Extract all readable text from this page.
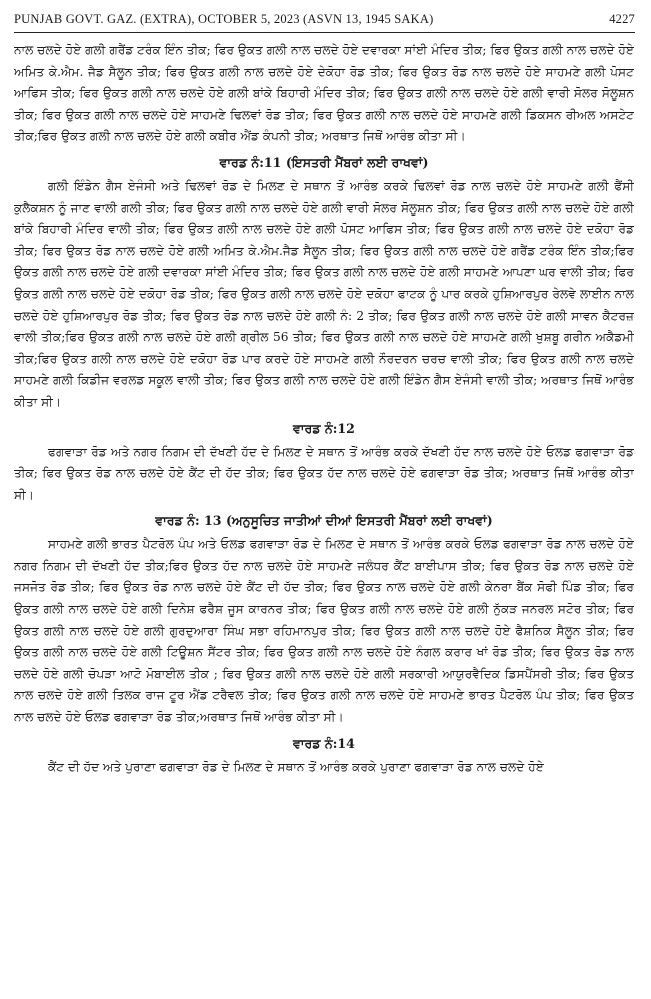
PUNJAB GOVT. GAZ. (EXTRA), OCTOBER 5, 2023 (ASVN 13, 1945 SAKA)	4227

ਨਾਲ ਚਲਦੇ ਹੋਏ ਗਲੀ ਗਰੈਂਡ ਟਰੰਕ ਇੰਨ ਤੀਕ; ਫਿਰ ਉਕਤ ਗਲੀ ਨਾਲ ਚਲਦੇ ਹੋਏ ਦਵਾਰਕਾ ਸਾਂਈ ਮੰਦਿਰ ਤੀਕ; ਫਿਰ ਉਕਤ ਗਲੀ ਨਾਲ ਚਲਦੇ ਹੋਏ ਅਮਿਤ ਕੇ.ਐਮ. ਜੈਡ ਸੈਲੂਨ ਤੀਕ; ਫਿਰ ਉਕਤ ਗਲੀ ਨਾਲ ਚਲਦੇ ਹੋਏ ਦੇਕੋਹਾ ਰੋਡ ਤੀਕ; ਫਿਰ ਉਕਤ ਰੋਡ ਨਾਲ ਚਲਦੇ ਹੋਏ ਸਾਹਮਣੇ ਗਲੀ ਪੋਸਟ ਆਫਿਸ ਤੀਕ; ਫਿਰ ਉਕਤ ਗਲੀ ਨਾਲ ਚਲਦੇ ਹੋਏ ਗਲੀ ਬਾਂਕੇ ਬਿਹਾਰੀ ਮੰਦਿਰ ਤੀਕ; ਫਿਰ ਉਕਤ ਗਲੀ ਨਾਲ ਚਲਦੇ ਹੋਏ ਗਲੀ ਵਾਰੀ ਸੋਲਰ ਸੋਲੂਸ਼ਨ ਤੀਕ; ਫਿਰ ਉਕਤ ਗਲੀ ਨਾਲ ਚਲਦੇ ਹੋਏ ਸਾਹਮਣੇ ਢਿਲਵਾਂ ਰੋਡ ਤੀਕ; ਫਿਰ ਉਕਤ ਗਲੀ ਨਾਲ ਚਲਦੇ ਹੋਏ ਸਾਹਮਣੇ ਗਲੀ ਡਿਕਸਨ ਰੀਅਲ ਅਸਟੇਟ ਤੀਕ;ਫਿਰ ਉਕਤ ਗਲੀ ਨਾਲ ਚਲਦੇ ਹੋਏ ਗਲੀ ਕਬੀਰ ਐਂਡ ਕੰਪਨੀ ਤੀਕ; ਅਰਥਾਤ ਜਿਥੋਂ ਆਰੰਭ ਕੀਤਾ ਸੀ।

ਵਾਰਡ ਨੰ:11 (ਇਸਤਰੀ ਮੈਂਬਰਾਂ ਲਈ ਰਾਖਵਾਂ)

ਗਲੀ ਇੰਡੇਨ ਗੈਸ ਏਜੰਸੀ ਅਤੇ ਢਿਲਵਾਂ ਰੋਡ ਦੇ ਮਿਲਣ ਦੇ ਸਥਾਨ ਤੋਂ ਆਰੰਭ ਕਰਕੇ ਢਿਲਵਾਂ ਰੋਡ ਨਾਲ ਚਲਦੇ ਹੋਏ ਸਾਹਮਣੇ ਗਲੀ ਫੈਂਸੀ ਕੁਲੈਕਸ਼ਨ ਨੂੰ ਜਾਣ ਵਾਲੀ ਗਲੀ ਤੀਕ; ਫਿਰ ਉਕਤ ਗਲੀ ਨਾਲ ਚਲਦੇ ਹੋਏ ਗਲੀ ਵਾਰੀ ਸੋਲਰ ਸੋਲੂਸ਼ਨ ਤੀਕ; ਫਿਰ ਉਕਤ ਗਲੀ ਨਾਲ ਚਲਦੇ ਹੋਏ ਗਲੀ ਬਾਂਕੇ ਬਿਹਾਰੀ ਮੰਦਿਰ ਵਾਲੀ ਤੀਕ; ਫਿਰ ਉਕਤ ਗਲੀ ਨਾਲ ਚਲਦੇ ਹੋਏ ਗਲੀ ਪੋਸਟ ਆਫਿਸ ਤੀਕ; ਫਿਰ ਉਕਤ ਗਲੀ ਨਾਲ ਚਲਦੇ ਹੋਏ ਦਕੋਹਾ ਰੋਡ ਤੀਕ; ਫਿਰ ਉਕਤ ਰੋਡ ਨਾਲ ਚਲਦੇ ਹੋਏ ਗਲੀ ਅਮਿਤ ਕੇ.ਐਮ.ਜੈਡ ਸੈਲੂਨ ਤੀਕ; ਫਿਰ ਉਕਤ ਗਲੀ ਨਾਲ ਚਲਦੇ ਹੋਏ ਗਰੈਂਡ ਟਰੰਕ ਇੰਨ ਤੀਕ;ਫਿਰ ਉਕਤ ਗਲੀ ਨਾਲ ਚਲਦੇ ਹੋਏ ਗਲੀ ਦਵਾਰਕਾ ਸਾਂਈ ਮੰਦਿਰ ਤੀਕ; ਫਿਰ ਉਕਤ ਗਲੀ ਨਾਲ ਚਲਦੇ ਹੋਏ ਗਲੀ ਸਾਹਮਣੇ ਆਪਣਾ ਘਰ ਵਾਲੀ ਤੀਕ; ਫਿਰ ਉਕਤ ਗਲੀ ਨਾਲ ਚਲਦੇ ਹੋਏ ਦਕੋਹਾ ਰੋਡ ਤੀਕ; ਫਿਰ ਉਕਤ ਗਲੀ ਨਾਲ ਚਲਦੇ ਹੋਏ ਦਕੋਹਾ ਫਾਟਕ ਨੂੰ ਪਾਰ ਕਰਕੇ ਹੁਸ਼ਿਆਰਪੁਰ ਰੇਲਵੇ ਲਾਈਨ ਨਾਲ ਚਲਦੇ ਹੋਏ ਹੁਸ਼ਿਆਰਪੁਰ ਰੋਡ ਤੀਕ; ਫਿਰ ਉਕਤ ਰੋਡ ਨਾਲ ਚਲਦੇ ਹੋਏ ਗਲੀ ਨੰ: 2 ਤੀਕ; ਫਿਰ ਉਕਤ ਗਲੀ ਨਾਲ ਚਲਦੇ ਹੋਏ ਗਲੀ ਸਾਵਨ ਕੈਟਰਜ਼ ਵਾਲੀ ਤੀਕ;ਫਿਰ ਉਕਤ ਗਲੀ ਨਾਲ ਚਲਦੇ ਹੋਏ ਗਲੀ ਗ੍ਰੀਲ 56 ਤੀਕ; ਫਿਰ ਉਕਤ ਗਲੀ ਨਾਲ ਚਲਦੇ ਹੋਏ ਸਾਹਮਣੇ ਗਲੀ ਖੁਸ਼ਬੂ ਗਰੀਨ ਅਕੈਡਮੀ ਤੀਕ;ਫਿਰ ਉਕਤ ਗਲੀ ਨਾਲ ਚਲਦੇ ਹੋਏ ਦਕੋਹਾ ਰੋਡ ਪਾਰ ਕਰਦੇ ਹੋਏ ਸਾਹਮਣੇ ਗਲੀ ਨੌਰਦਰਨ ਚਰਚ ਵਾਲੀ ਤੀਕ; ਫਿਰ ਉਕਤ ਗਲੀ ਨਾਲ ਚਲਦੇ ਸਾਹਮਣੇ ਗਲੀ ਕਿਡੀਜ ਵਰਲਡ ਸਕੂਲ ਵਾਲੀ ਤੀਕ; ਫਿਰ ਉਕਤ ਗਲੀ ਨਾਲ ਚਲਦੇ ਹੋਏ ਗਲੀ ਇੰਡੇਨ ਗੈਸ ਏਜੰਸੀ ਵਾਲੀ ਤੀਕ; ਅਰਥਾਤ ਜਿਥੋਂ ਆਰੰਭ ਕੀਤਾ ਸੀ।

ਵਾਰਡ ਨੰ:12

ਫਗਵਾੜਾ ਰੋਡ ਅਤੇ ਨਗਰ ਨਿਗਮ ਦੀ ਦੱਖਣੀ ਹੱਦ ਦੇ ਮਿਲਣ ਦੇ ਸਥਾਨ ਤੋਂ ਆਰੰਭ ਕਰਕੇ ਦੱਖਣੀ ਹੱਦ ਨਾਲ ਚਲਦੇ ਹੋਏ ਓਲਡ ਫਗਵਾੜਾ ਰੋਡ ਤੀਕ; ਫਿਰ ਉਕਤ ਰੋਡ ਨਾਲ ਚਲਦੇ ਹੋਏ ਕੈਂਟ ਦੀ ਹੱਦ ਤੀਕ; ਫਿਰ ਉਕਤ ਹੱਦ ਨਾਲ ਚਲਦੇ ਹੋਏ ਫਗਵਾੜਾ ਰੋਡ ਤੀਕ; ਅਰਥਾਤ ਜਿਥੋਂ ਆਰੰਭ ਕੀਤਾ ਸੀ।

ਵਾਰਡ ਨੰ: 13 (ਅਨੁਸੂਚਿਤ ਜਾਤੀਆਂ ਦੀਆਂ ਇਸਤਰੀ ਮੈਂਬਰਾਂ ਲਈ ਰਾਖਵਾਂ)

ਸਾਹਮਣੇ ਗਲੀ ਭਾਰਤ ਪੈਟਰੋਲ ਪੰਪ ਅਤੇ ਓਲਡ ਫਗਵਾੜਾ ਰੋਡ ਦੇ ਮਿਲਣ ਦੇ ਸਥਾਨ ਤੋਂ ਆਰੰਭ ਕਰਕੇ ਓਲਡ ਫਗਵਾੜਾ ਰੋਡ ਨਾਲ ਚਲਦੇ ਹੋਏ ਨਗਰ ਨਿਗਮ ਦੀ ਦੱਖਣੀ ਹੱਦ ਤੀਕ;ਫਿਰ ਉਕਤ ਹੱਦ ਨਾਲ ਚਲਦੇ ਹੋਏ ਸਾਹਮਣੇ ਜਲੰਧਰ ਕੈਂਟ ਬਾਈਪਾਸ ਤੀਕ; ਫਿਰ ਉਕਤ ਰੋਡ ਨਾਲ ਚਲਦੇ ਹੋਏ ਜਸਜੋਤ ਰੋਡ ਤੀਕ; ਫਿਰ ਉਕਤ ਰੋਡ ਨਾਲ ਚਲਦੇ ਹੋਏ ਕੈਂਟ ਦੀ ਹੱਦ ਤੀਕ; ਫਿਰ ਉਕਤ ਨਾਲ ਚਲਦੇ ਹੋਏ ਗਲੀ ਕੇਨਰਾ ਬੈਂਕ ਸੋਫੀ ਪਿੰਡ ਤੀਕ; ਫਿਰ ਉਕਤ ਗਲੀ ਨਾਲ ਚਲਦੇ ਹੋਏ ਗਲੀ ਦਿਨੇਸ਼ ਫਰੈਸ਼ ਜੂਸ ਕਾਰਨਰ ਤੀਕ; ਫਿਰ ਉਕਤ ਗਲੀ ਨਾਲ ਚਲਦੇ ਹੋਏ ਗਲੀ ਨੁੱਕੜ ਜਨਰਲ ਸਟੋਰ ਤੀਕ; ਫਿਰ ਉਕਤ ਗਲੀ ਨਾਲ ਚਲਦੇ ਹੋਏ ਗਲੀ ਗੁਰਦੁਆਰਾ ਸਿੰਘ ਸਭਾ ਰਹਿਮਾਨਪੁਰ ਤੀਕ; ਫਿਰ ਉਕਤ ਗਲੀ ਨਾਲ ਚਲਦੇ ਹੋਏ ਫੈਸ਼ਨਿਕ ਸੈਲੂਨ ਤੀਕ; ਫਿਰ ਉਕਤ ਗਲੀ ਨਾਲ ਚਲਦੇ ਹੋਏ ਗਲੀ ਟਿਊਸ਼ਨ ਸੈਂਟਰ ਤੀਕ; ਫਿਰ ਉਕਤ ਗਲੀ ਨਾਲ ਚਲਦੇ ਹੋਏ ਨੰਗਲ ਕਰਾਰ ਖਾਂ ਰੋਡ ਤੀਕ; ਫਿਰ ਉਕਤ ਰੋਡ ਨਾਲ ਚਲਦੇ ਹੋਏ ਗਲੀ ਚੋਪੜਾ ਆਟੋ ਮੋਬਾਈਲ ਤੀਕ ; ਫਿਰ ਉਕਤ ਗਲੀ ਨਾਲ ਚਲਦੇ ਹੋਏ ਗਲੀ ਸਰਕਾਰੀ ਆਯੁਰਵੈਦਿਕ ਡਿਸਪੈਂਸਰੀ ਤੀਕ; ਫਿਰ ਉਕਤ ਨਾਲ ਚਲਦੇ ਹੋਏ ਗਲੀ ਤਿਲਕ ਰਾਜ ਟੂਰ ਐਂਡ ਟਰੈਵਲ ਤੀਕ; ਫਿਰ ਉਕਤ ਗਲੀ ਨਾਲ ਚਲਦੇ ਹੋਏ ਸਾਹਮਣੇ ਭਾਰਤ ਪੈਟਰੋਲ ਪੰਪ ਤੀਕ; ਫਿਰ ਉਕਤ ਨਾਲ ਚਲਦੇ ਹੋਏ ਓਲਡ ਫਗਵਾੜਾ ਰੋਡ ਤੀਕ;ਅਰਥਾਤ ਜਿਥੋਂ ਆਰੰਭ ਕੀਤਾ ਸੀ।

ਵਾਰਡ ਨੰ:14

ਕੈਂਟ ਦੀ ਹੱਦ ਅਤੇ ਪੁਰਾਣਾ ਫਗਵਾੜਾ ਰੋਡ ਦੇ ਮਿਲਣ ਦੇ ਸਥਾਨ ਤੋਂ ਆਰੰਭ ਕਰਕੇ ਪੁਰਾਣਾ ਫਗਵਾੜਾ ਰੋਡ ਨਾਲ ਚਲਦੇ ਹੋਏ
